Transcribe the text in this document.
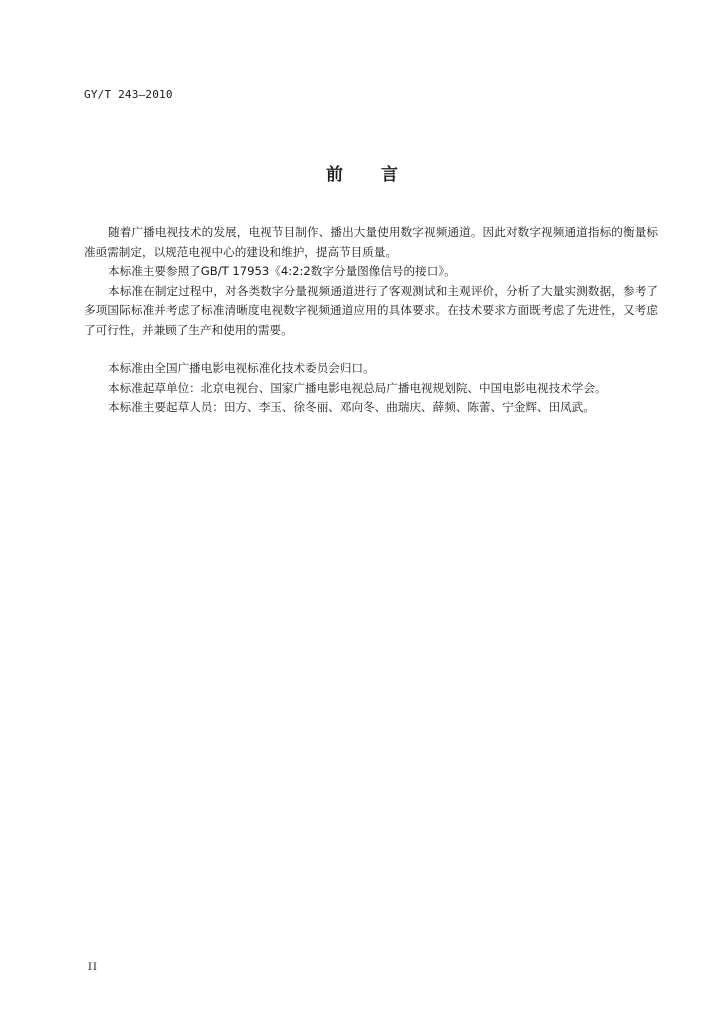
GY/T 243—2010
前 言

随着广播电视技术的发展，电视节目制作、播出大量使用数字视频通道。因此对数字视频通道指标的衡量标准亟需制定，以规范电视中心的建设和维护，提高节目质量。

本标准主要参照了GB/T 17953《4:2:2数字分量图像信号的接口》。

本标准在制定过程中，对各类数字分量视频通道进行了客观测试和主观评价，分析了大量实测数据，参考了多项国际标准并考虑了标准清晰度电视数字视频通道应用的具体要求。在技术要求方面既考虑了先进性，又考虑了可行性，并兼顾了生产和使用的需要。

本标准由全国广播电影电视标准化技术委员会归口。

本标准起草单位：北京电视台、国家广播电影电视总局广播电视规划院、中国电影电视技术学会。

本标准主要起草人员：田方、李玉、徐冬丽、邓向冬、曲瑞庆、薛频、陈蕾、宁金辉、田凤武。

II
